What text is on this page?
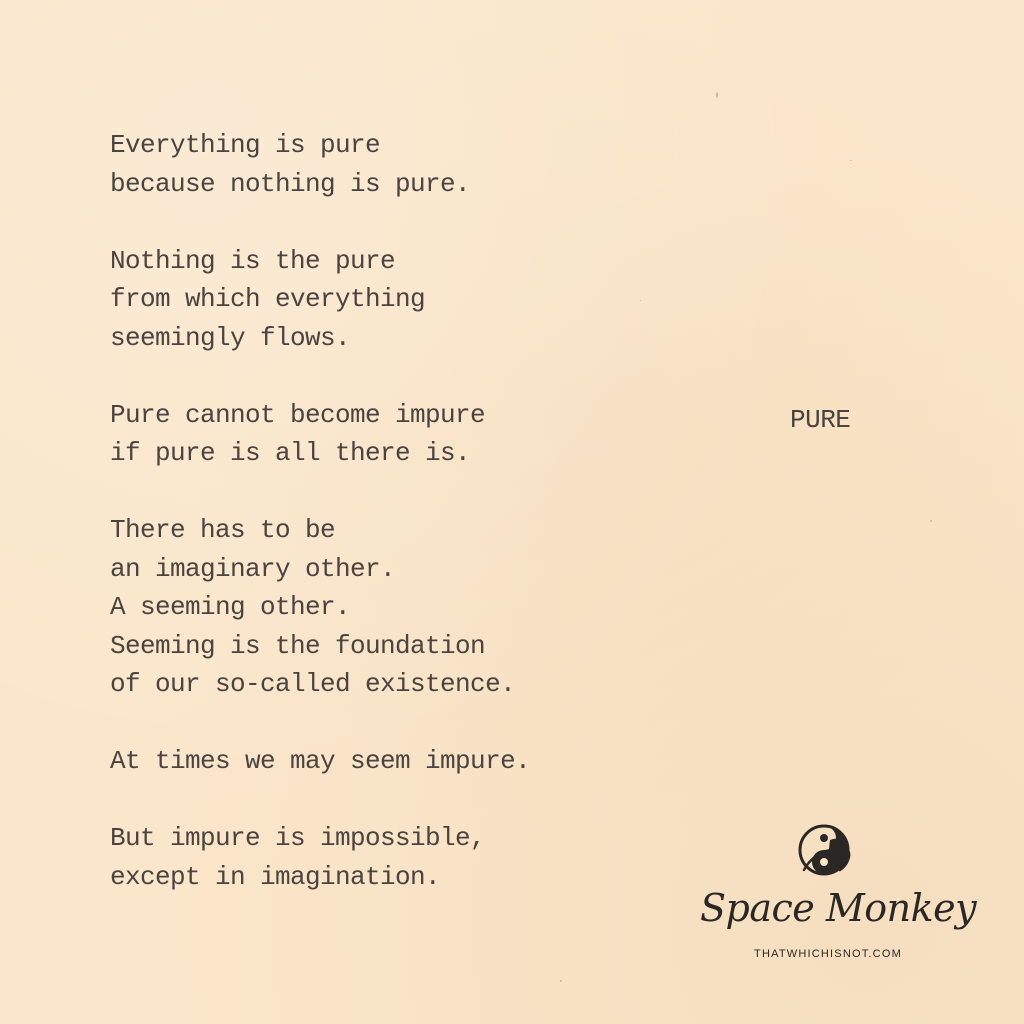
Everything is pure
because nothing is pure.
Nothing is the pure
from which everything
seemingly flows.
Pure cannot become impure
if pure is all there is.
There has to be
an imaginary other.
A seeming other.
Seeming is the foundation
of our so-called existence.
At times we may seem impure.
But impure is impossible,
except in imagination.
PURE
Space Monkey
THATWHICHISNOT.COM
